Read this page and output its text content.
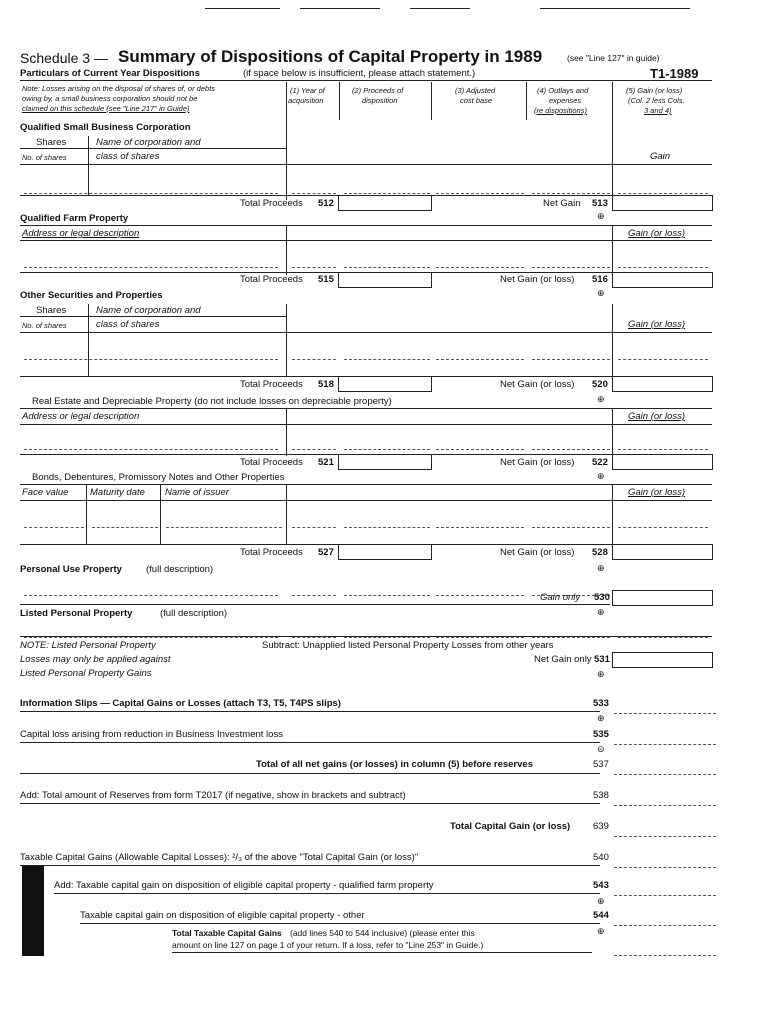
Schedule 3 — Summary of Dispositions of Capital Property in 1989	(see "Line 127" in guide)
Particulars of Current Year Dispositions	(if space below is insufficient, please attach statement.)	T1-1989
Note: Losses arising on the disposal of shares of, or debts
owing by, a small business corporation should not be
claimed on this schedule (see "Line 217" in Guide)
(1) Year of
acquisition
(2) Proceeds of
disposition
(3) Adjusted
cost base
(4) Outlays and
expenses
(re dispositions)
(5) Gain (or loss)
(Col. 2 less Cols.
3 and 4)
Qualified Small Business Corporation
Shares	Name of corporation and
No. of shares	class of shares	Gain
Total Proceeds 512	Net Gain 513
⊕
Qualified Farm Property
Address or legal description	Gain (or loss)
Total Proceeds 515	Net Gain (or loss) 516
⊕
Other Securities and Properties
Shares	Name of corporation and
No. of shares	class of shares	Gain (or loss)
Total Proceeds 518	Net Gain (or loss) 520
⊕
Real Estate and Depreciable Property (do not include losses on depreciable property)
Address or legal description	Gain (or loss)
Total Proceeds 521	Net Gain (or loss) 522
⊕
Bonds, Debentures, Promissory Notes and Other Properties
Face value Maturity date Name of issuer	Gain (or loss)
Total Proceeds 527	Net Gain (or loss) 528
⊕
Personal Use Property	(full description)
Gain only 530
⊕
Listed Personal Property	(full description)
NOTE: Listed Personal Property
Losses may only be applied against
Listed Personal Property Gains
Subtract: Unapplied listed Personal Property Losses from other years
Net Gain only 531
⊕
Information Slips — Capital Gains or Losses (attach T3, T5, T4PS slips)	533
⊕
Capital loss arising from reduction in Business Investment loss	535
⊝
Total of all net gains (or losses) in column (5) before reserves	537
Add: Total amount of Reserves from form T2017 (if negative, show in brackets and subtract)	538
Total Capital Gain (or loss) 639
Taxable Capital Gains (Allowable Capital Losses): ²/₃ of the above "Total Capital Gain (or loss)"	540
Add: Taxable capital gain on disposition of eligible capital property - qualified farm property	543
⊕
Taxable capital gain on disposition of eligible capital property - other	544
⊕
Total Taxable Capital Gains (add lines 540 to 544 inclusive) (please enter this
amount on line 127 on page 1 of your return. If a loss, refer to "Line 253" in Guide.)
